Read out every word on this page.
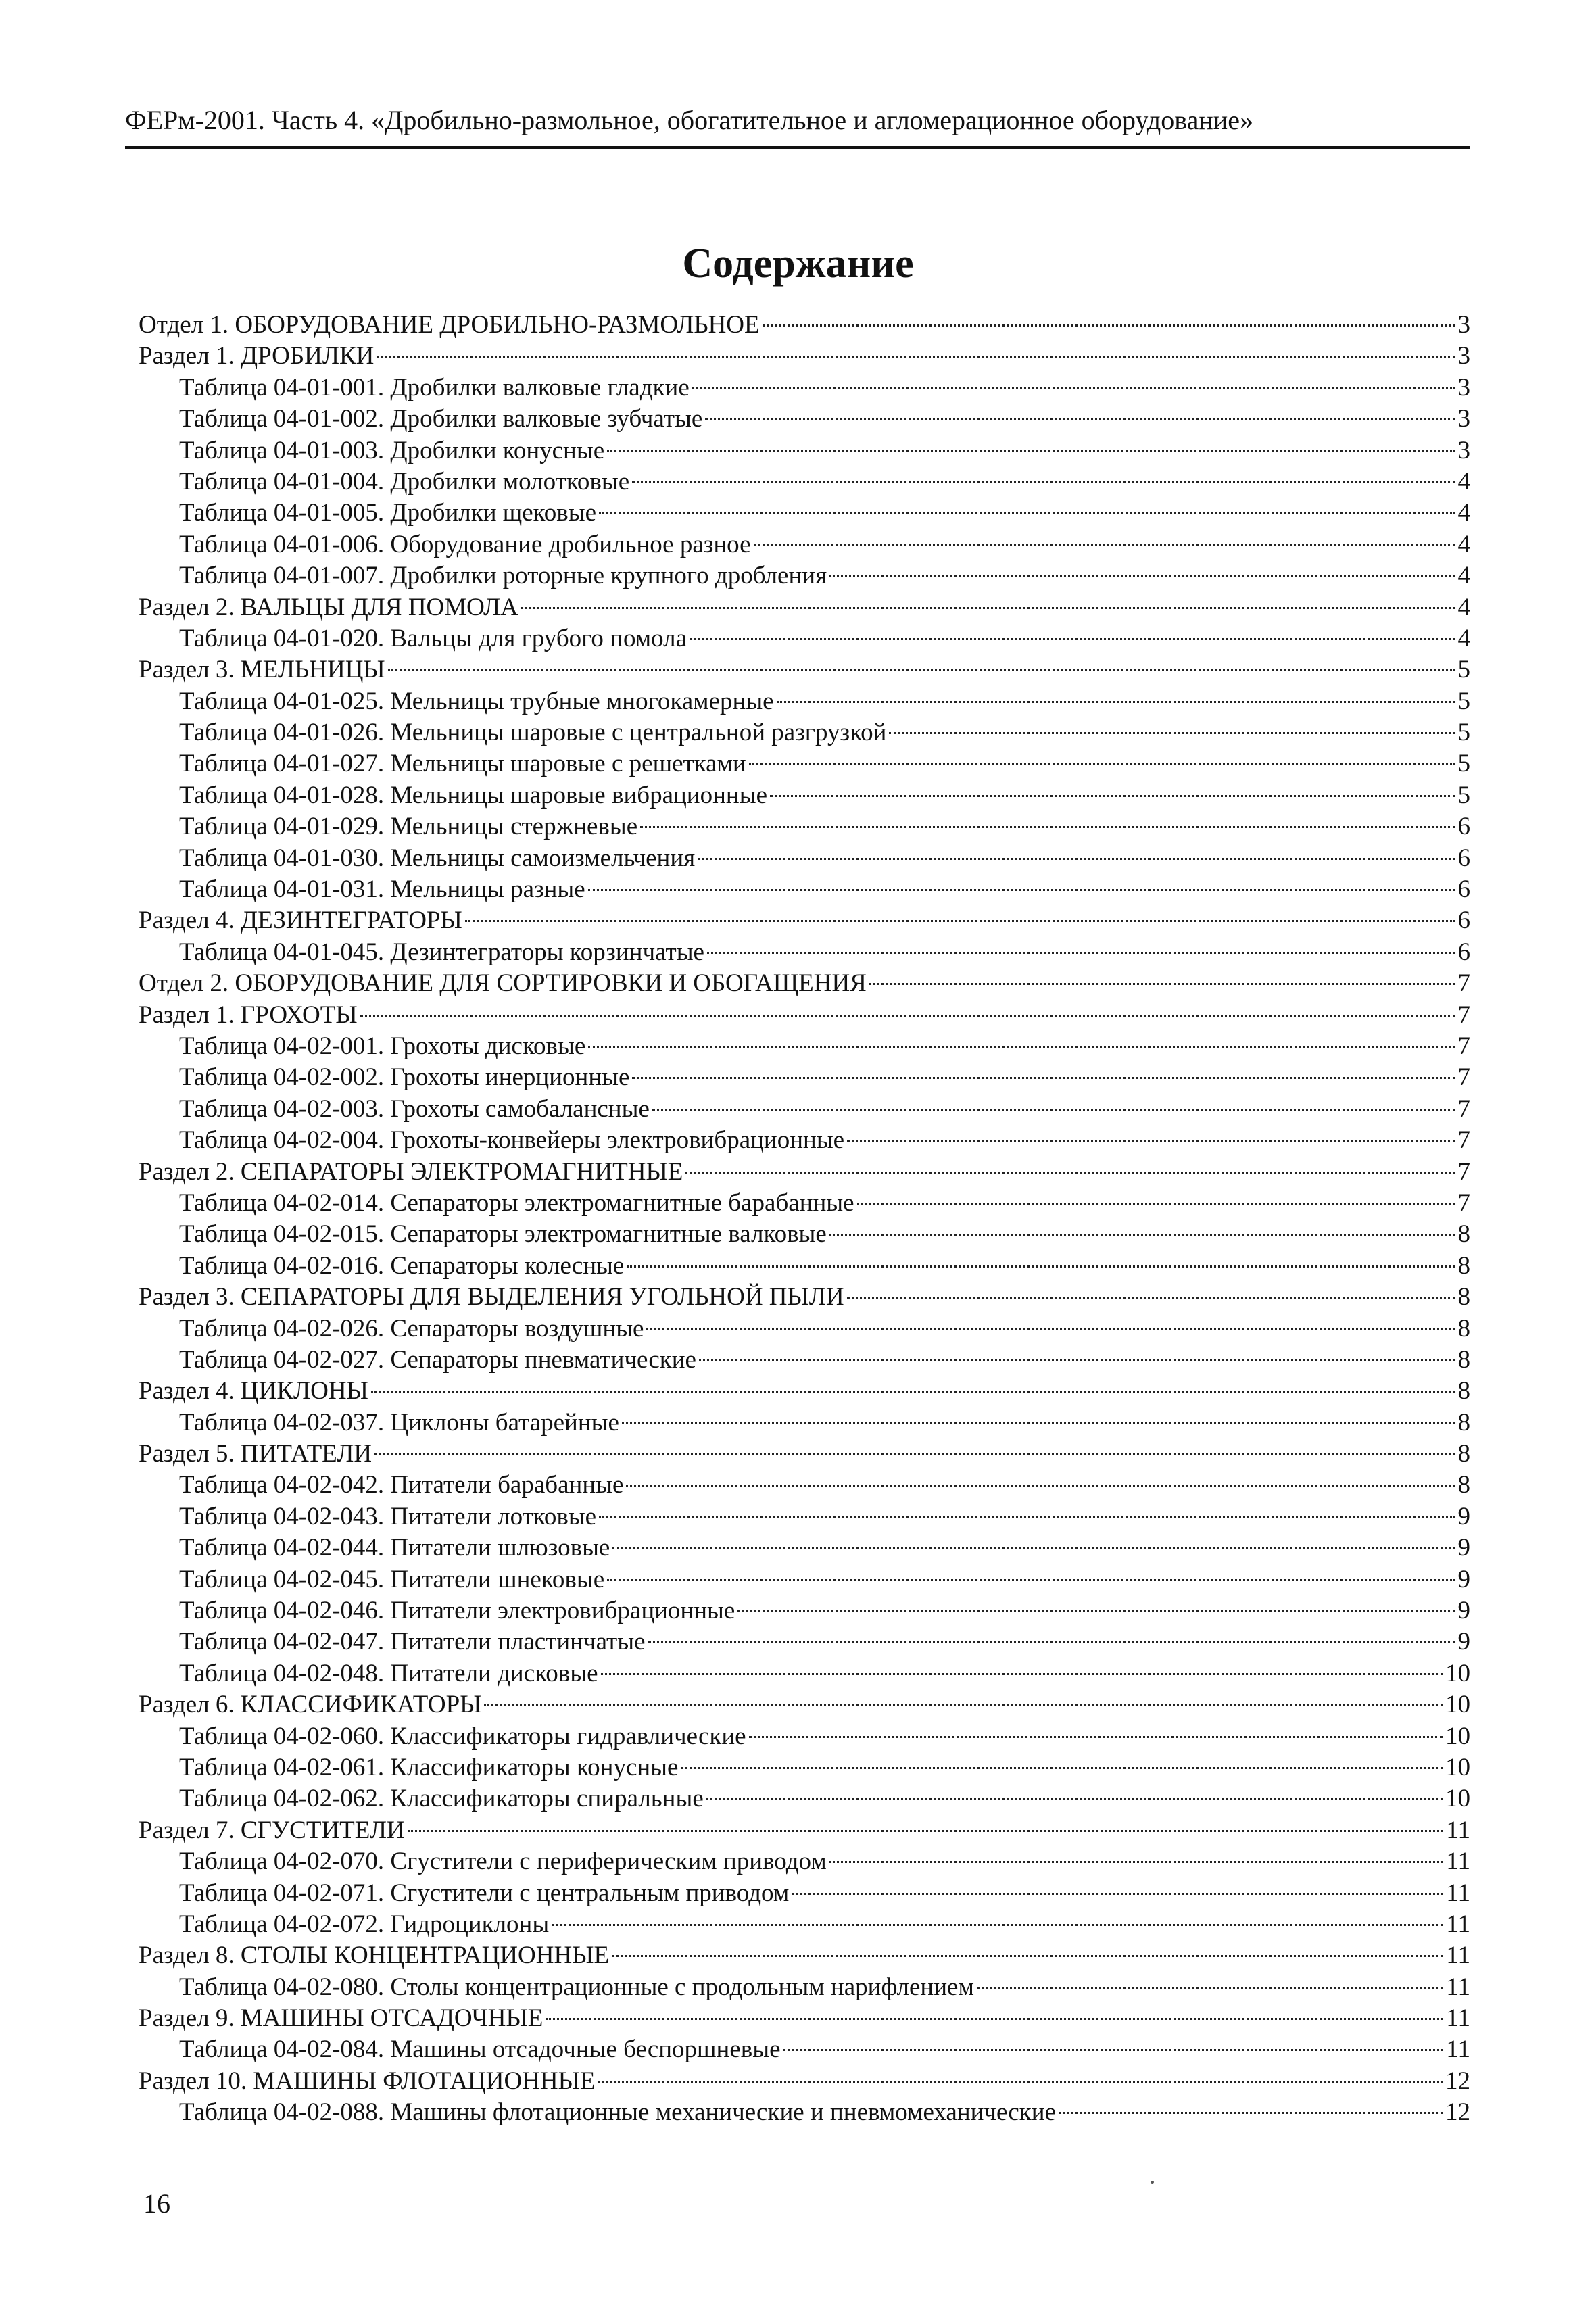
ФЕРм-2001. Часть 4. «Дробильно-размольное, обогатительное и агломерационное оборудование»
Содержание
Отдел 1. ОБОРУДОВАНИЕ ДРОБИЛЬНО-РАЗМОЛЬНОЕ	3
Раздел 1. ДРОБИЛКИ	3
Таблица 04-01-001. Дробилки валковые гладкие	3
Таблица 04-01-002. Дробилки валковые зубчатые	3
Таблица 04-01-003. Дробилки конусные	3
Таблица 04-01-004. Дробилки молотковые	4
Таблица 04-01-005. Дробилки щековые	4
Таблица 04-01-006. Оборудование дробильное разное	4
Таблица 04-01-007. Дробилки роторные крупного дробления	4
Раздел 2. ВАЛЬЦЫ ДЛЯ ПОМОЛА	4
Таблица 04-01-020. Вальцы для грубого помола	4
Раздел 3. МЕЛЬНИЦЫ	5
Таблица 04-01-025. Мельницы трубные многокамерные	5
Таблица 04-01-026. Мельницы шаровые с центральной разгрузкой	5
Таблица 04-01-027. Мельницы шаровые с решетками	5
Таблица 04-01-028. Мельницы шаровые вибрационные	5
Таблица 04-01-029. Мельницы стержневые	6
Таблица 04-01-030. Мельницы самоизмельчения	6
Таблица 04-01-031. Мельницы разные	6
Раздел 4. ДЕЗИНТЕГРАТОРЫ	6
Таблица 04-01-045. Дезинтеграторы корзинчатые	6
Отдел 2. ОБОРУДОВАНИЕ ДЛЯ СОРТИРОВКИ И ОБОГАЩЕНИЯ	7
Раздел 1. ГРОХОТЫ	7
Таблица 04-02-001. Грохоты дисковые	7
Таблица 04-02-002. Грохоты инерционные	7
Таблица 04-02-003. Грохоты самобалансные	7
Таблица 04-02-004. Грохоты-конвейеры электровибрационные	7
Раздел 2. СЕПАРАТОРЫ ЭЛЕКТРОМАГНИТНЫЕ	7
Таблица 04-02-014. Сепараторы электромагнитные барабанные	7
Таблица 04-02-015. Сепараторы электромагнитные валковые	8
Таблица 04-02-016. Сепараторы колесные	8
Раздел 3. СЕПАРАТОРЫ ДЛЯ ВЫДЕЛЕНИЯ УГОЛЬНОЙ ПЫЛИ	8
Таблица 04-02-026. Сепараторы воздушные	8
Таблица 04-02-027. Сепараторы пневматические	8
Раздел 4. ЦИКЛОНЫ	8
Таблица 04-02-037. Циклоны батарейные	8
Раздел 5. ПИТАТЕЛИ	8
Таблица 04-02-042. Питатели барабанные	8
Таблица 04-02-043. Питатели лотковые	9
Таблица 04-02-044. Питатели шлюзовые	9
Таблица 04-02-045. Питатели шнековые	9
Таблица 04-02-046. Питатели электровибрационные	9
Таблица 04-02-047. Питатели пластинчатые	9
Таблица 04-02-048. Питатели дисковые	10
Раздел 6. КЛАССИФИКАТОРЫ	10
Таблица 04-02-060. Классификаторы гидравлические	10
Таблица 04-02-061. Классификаторы конусные	10
Таблица 04-02-062. Классификаторы спиральные	10
Раздел 7. СГУСТИТЕЛИ	11
Таблица 04-02-070. Сгустители с периферическим приводом	11
Таблица 04-02-071. Сгустители с центральным приводом	11
Таблица 04-02-072. Гидроциклоны	11
Раздел 8. СТОЛЫ КОНЦЕНТРАЦИОННЫЕ	11
Таблица 04-02-080. Столы концентрационные с продольным нарифлением	11
Раздел 9. МАШИНЫ ОТСАДОЧНЫЕ	11
Таблица 04-02-084. Машины отсадочные беспоршневые	11
Раздел 10. МАШИНЫ ФЛОТАЦИОННЫЕ	12
Таблица 04-02-088. Машины флотационные механические и пневмомеханические	12
16
